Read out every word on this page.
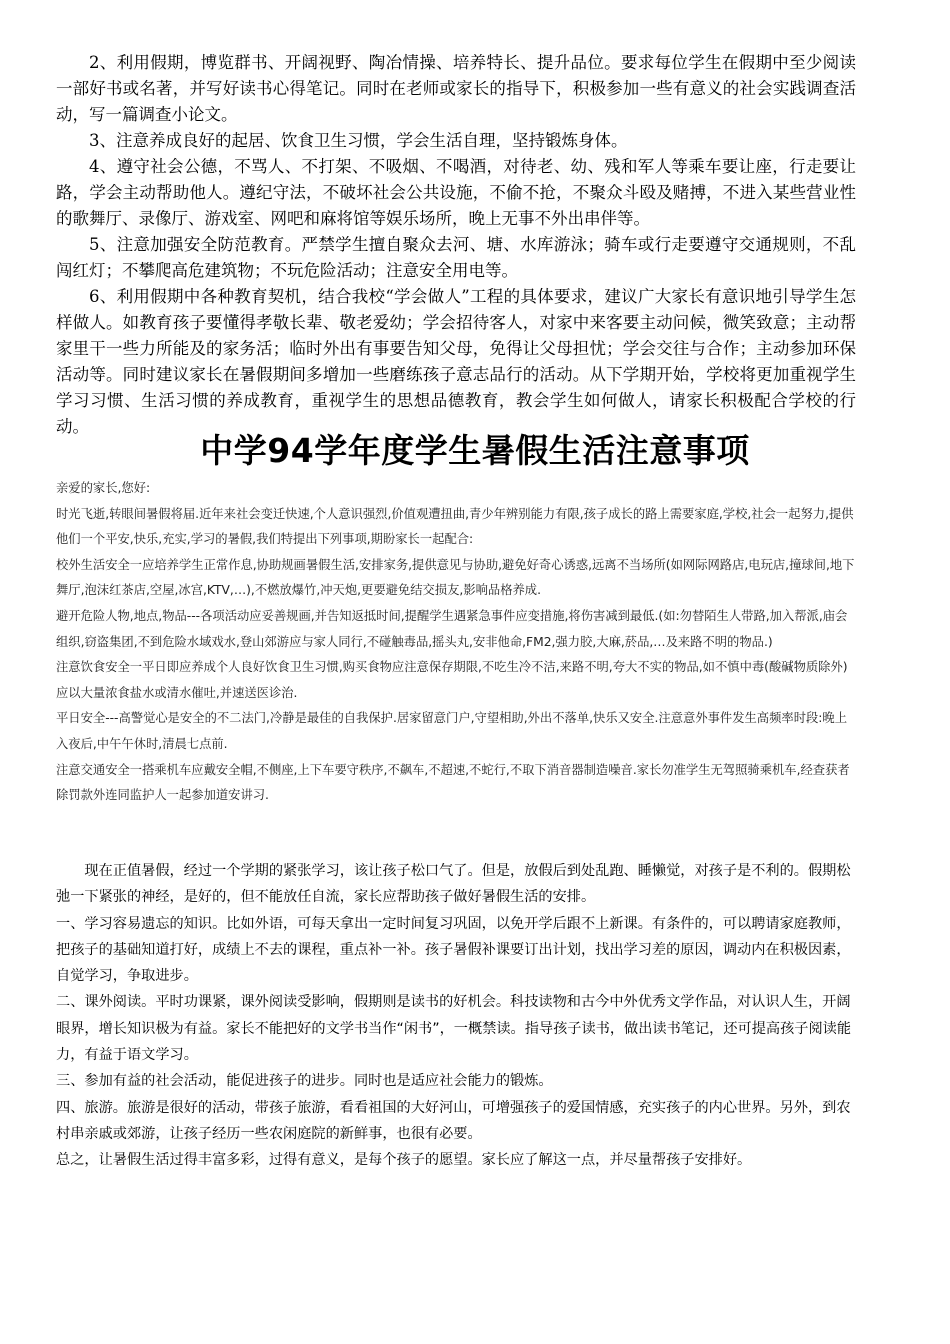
2、利用假期，博览群书、开阔视野、陶冶情操、培养特长、提升品位。要求每位学生在假期中至少阅读一部好书或名著，并写好读书心得笔记。同时在老师或家长的指导下，积极参加一些有意义的社会实践调查活动，写一篇调查小论文。

3、注意养成良好的起居、饮食卫生习惯，学会生活自理，坚持锻炼身体。

4、遵守社会公德，不骂人、不打架、不吸烟、不喝酒，对待老、幼、残和军人等乘车要让座，行走要让路，学会主动帮助他人。遵纪守法，不破坏社会公共设施，不偷不抢，不聚众斗殴及赌搏，不进入某些营业性的歌舞厅、录像厅、游戏室、网吧和麻将馆等娱乐场所，晚上无事不外出串伴等。

5、注意加强安全防范教育。严禁学生擅自聚众去河、塘、水库游泳；骑车或行走要遵守交通规则，不乱闯红灯；不攀爬高危建筑物；不玩危险活动；注意安全用电等。

6、利用假期中各种教育契机，结合我校“学会做人”工程的具体要求，建议广大家长有意识地引导学生怎样做人。如教育孩子要懂得孝敬长辈、敬老爱幼；学会招待客人，对家中来客要主动问候，微笑致意；主动帮家里干一些力所能及的家务活；临时外出有事要告知父母，免得让父母担忧；学会交往与合作；主动参加环保活动等。同时建议家长在暑假期间多增加一些磨练孩子意志品行的活动。从下学期开始，学校将更加重视学生学习习惯、生活习惯的养成教育，重视学生的思想品德教育，教会学生如何做人，请家长积极配合学校的行动。

中学94学年度学生暑假生活注意事项

亲爱的家长,您好:

时光飞逝,转眼间暑假将届.近年来社会变迁快速,个人意识强烈,价值观遭扭曲,青少年辨别能力有限,孩子成长的路上需要家庭,学校,社会一起努力,提供他们一个平安,快乐,充实,学习的暑假,我们特提出下列事项,期盼家长一起配合:

校外生活安全一应培养学生正常作息,协助规画暑假生活,安排家务,提供意见与协助,避免好奇心诱惑,远离不当场所(如网际网路店,电玩店,撞球间,地下舞厅,泡沫红茶店,空屋,冰宫,KTV,…),不燃放爆竹,冲天炮,更要避免结交损友,影响品格养成.

避开危险人物,地点,物品---各项活动应妥善规画,并告知返抵时间,提醒学生遇紧急事件应变措施,将伤害减到最低.(如:勿替陌生人带路,加入帮派,庙会组织,窃盗集团,不到危险水域戏水,登山郊游应与家人同行,不碰触毒品,摇头丸,安非他命,FM2,强力胶,大麻,菸品,…及来路不明的物品.)

注意饮食安全一平日即应养成个人良好饮食卫生习惯,购买食物应注意保存期限,不吃生冷不洁,来路不明,夸大不实的物品,如不慎中毒(酸碱物质除外)应以大量浓食盐水或清水催吐,并速送医诊治.

平日安全---高警觉心是安全的不二法门,冷静是最佳的自我保护.居家留意门户,守望相助,外出不落单,快乐又安全.注意意外事件发生高频率时段:晚上入夜后,中午午休时,清晨七点前.

注意交通安全一搭乘机车应戴安全帽,不侧座,上下车要守秩序,不飙车,不超速,不蛇行,不取下消音器制造噪音.家长勿准学生无驾照骑乘机车,经查获者除罚款外连同监护人一起参加道安讲习.

现在正值暑假，经过一个学期的紧张学习，该让孩子松口气了。但是，放假后到处乱跑、睡懒觉，对孩子是不利的。假期松弛一下紧张的神经，是好的，但不能放任自流，家长应帮助孩子做好暑假生活的安排。

一、学习容易遗忘的知识。比如外语，可每天拿出一定时间复习巩固，以免开学后跟不上新课。有条件的，可以聘请家庭教师，把孩子的基础知道打好，成绩上不去的课程，重点补一补。孩子暑假补课要订出计划，找出学习差的原因，调动内在积极因素，自觉学习，争取进步。

二、课外阅读。平时功课紧，课外阅读受影响，假期则是读书的好机会。科技读物和古今中外优秀文学作品，对认识人生，开阔眼界，增长知识极为有益。家长不能把好的文学书当作“闲书”，一概禁读。指导孩子读书，做出读书笔记，还可提高孩子阅读能力，有益于语文学习。

三、参加有益的社会活动，能促进孩子的进步。同时也是适应社会能力的锻炼。

四、旅游。旅游是很好的活动，带孩子旅游，看看祖国的大好河山，可增强孩子的爱国情感，充实孩子的内心世界。另外，到农村串亲戚或郊游，让孩子经历一些农闲庭院的新鲜事，也很有必要。

总之，让暑假生活过得丰富多彩，过得有意义，是每个孩子的愿望。家长应了解这一点，并尽量帮孩子安排好。
